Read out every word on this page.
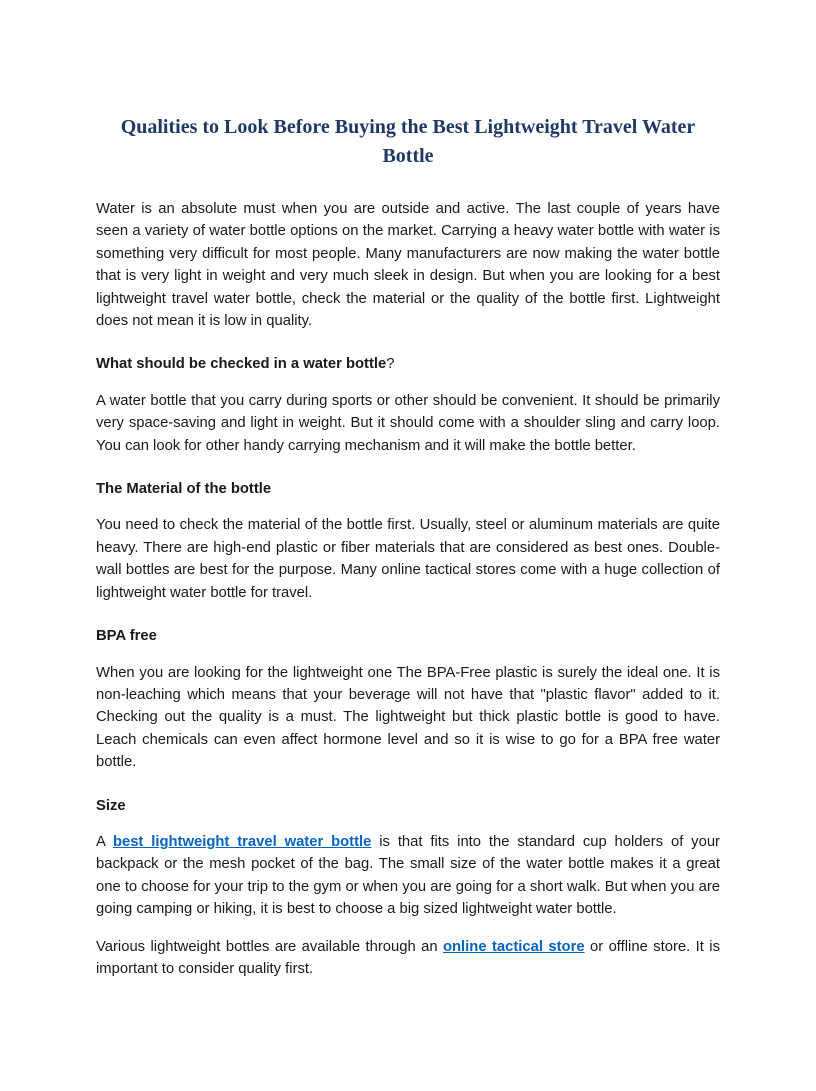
Qualities to Look Before Buying the Best Lightweight Travel Water Bottle

Water is an absolute must when you are outside and active. The last couple of years have seen a variety of water bottle options on the market. Carrying a heavy water bottle with water is something very difficult for most people. Many manufacturers are now making the water bottle that is very light in weight and very much sleek in design. But when you are looking for a best lightweight travel water bottle, check the material or the quality of the bottle first. Lightweight does not mean it is low in quality.

What should be checked in a water bottle?

A water bottle that you carry during sports or other should be convenient. It should be primarily very space-saving and light in weight. But it should come with a shoulder sling and carry loop. You can look for other handy carrying mechanism and it will make the bottle better.

The Material of the bottle

You need to check the material of the bottle first. Usually, steel or aluminum materials are quite heavy. There are high-end plastic or fiber materials that are considered as best ones. Double-wall bottles are best for the purpose. Many online tactical stores come with a huge collection of lightweight water bottle for travel.

BPA free

When you are looking for the lightweight one The BPA-Free plastic is surely the ideal one. It is non-leaching which means that your beverage will not have that "plastic flavor" added to it. Checking out the quality is a must. The lightweight but thick plastic bottle is good to have. Leach chemicals can even affect hormone level and so it is wise to go for a BPA free water bottle.

Size

A best lightweight travel water bottle is that fits into the standard cup holders of your backpack or the mesh pocket of the bag. The small size of the water bottle makes it a great one to choose for your trip to the gym or when you are going for a short walk. But when you are going camping or hiking, it is best to choose a big sized lightweight water bottle.

Various lightweight bottles are available through an online tactical store or offline store. It is important to consider quality first.
